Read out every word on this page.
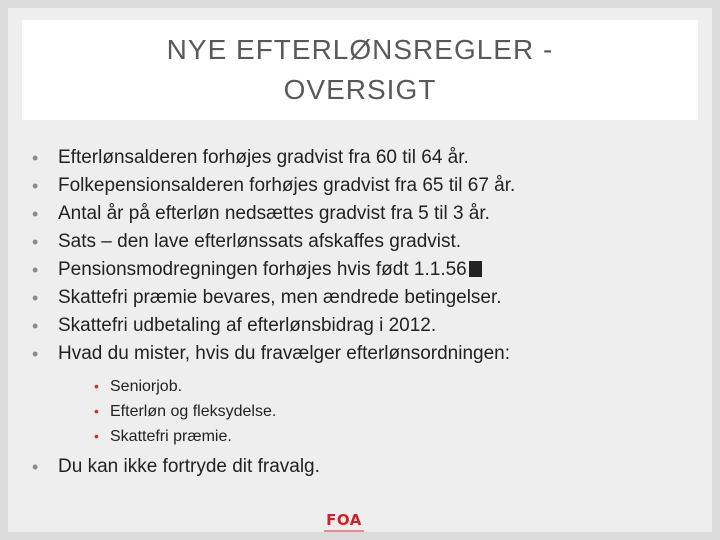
NYE EFTERLØNSREGLER - OVERSIGT
• Efterlønsalderen forhøjes gradvist fra 60 til 64 år.
• Folkepensionsalderen forhøjes gradvist fra 65 til 67 år.
• Antal år på efterløn nedsættes gradvist fra 5 til 3 år.
• Sats – den lave efterlønssats afskaffes gradvist.
• Pensionsmodregningen forhøjes hvis født 1.1.56
• Skattefri præmie bevares, men ændrede betingelser.
• Skattefri udbetaling af efterlønsbidrag i 2012.
• Hvad du mister, hvis du fravælger efterlønsordningen:
• Seniorjob.
• Efterløn og fleksydelse.
• Skattefri præmie.
• Du kan ikke fortryde dit fravalg.
FOA
